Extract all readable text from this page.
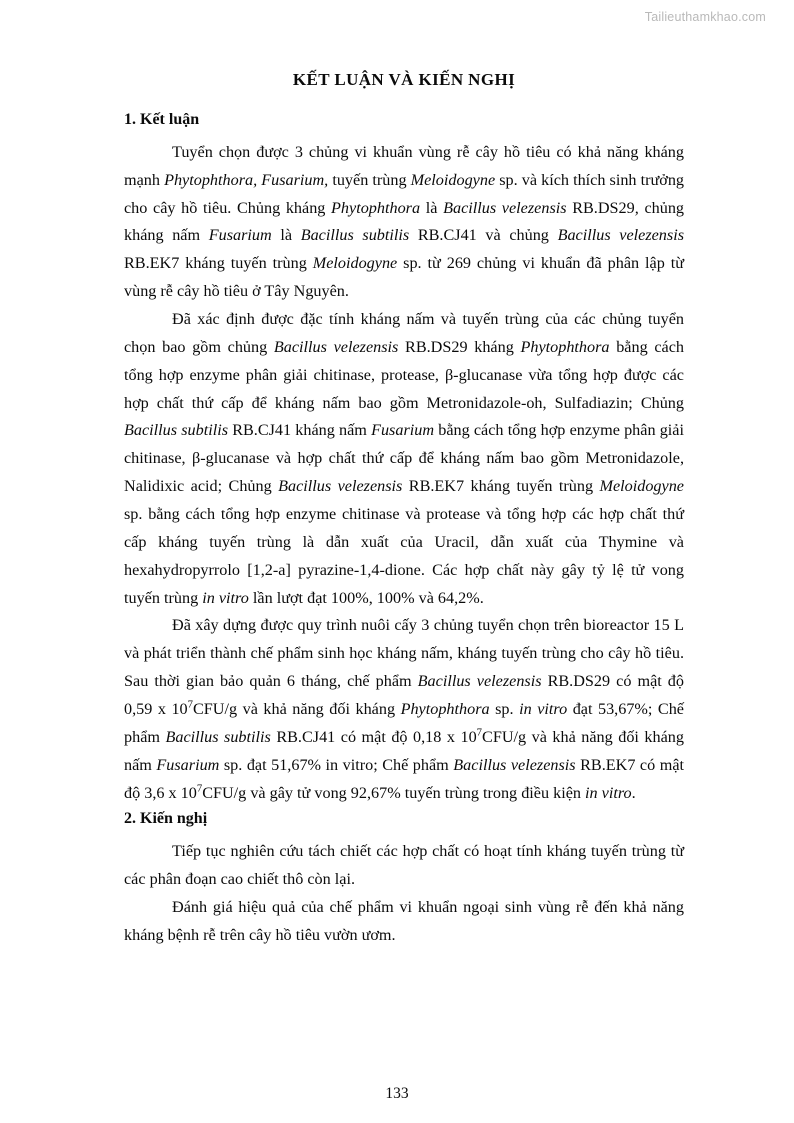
Tailieuthamkhao.com
KẾT LUẬN VÀ KIẾN NGHỊ
1. Kết luận

Tuyển chọn được 3 chủng vi khuẩn vùng rễ cây hồ tiêu có khả năng kháng mạnh Phytophthora, Fusarium, tuyến trùng Meloidogyne sp. và kích thích sinh trưởng cho cây hồ tiêu. Chủng kháng Phytophthora là Bacillus velezensis RB.DS29, chủng kháng nấm Fusarium là Bacillus subtilis RB.CJ41 và chủng Bacillus velezensis RB.EK7 kháng tuyến trùng Meloidogyne sp. từ 269 chủng vi khuẩn đã phân lập từ vùng rễ cây hồ tiêu ở Tây Nguyên.

Đã xác định được đặc tính kháng nấm và tuyến trùng của các chủng tuyển chọn bao gồm chủng Bacillus velezensis RB.DS29 kháng Phytophthora bằng cách tổng hợp enzyme phân giải chitinase, protease, β-glucanase vừa tổng hợp được các hợp chất thứ cấp để kháng nấm bao gồm Metronidazole-oh, Sulfadiazin; Chủng Bacillus subtilis RB.CJ41 kháng nấm Fusarium bằng cách tổng hợp enzyme phân giải chitinase, β-glucanase và hợp chất thứ cấp để kháng nấm bao gồm Metronidazole, Nalidixic acid; Chủng Bacillus velezensis RB.EK7 kháng tuyến trùng Meloidogyne sp. bằng cách tổng hợp enzyme chitinase và protease và tổng hợp các hợp chất thứ cấp kháng tuyến trùng là dẫn xuất của Uracil, dẫn xuất của Thymine và hexahydropyrrolo [1,2-a] pyrazine-1,4-dione. Các hợp chất này gây tỷ lệ tử vong tuyến trùng in vitro lần lượt đạt 100%, 100% và 64,2%.

Đã xây dựng được quy trình nuôi cấy 3 chủng tuyển chọn trên bioreactor 15 L và phát triển thành chế phẩm sinh học kháng nấm, kháng tuyến trùng cho cây hồ tiêu. Sau thời gian bảo quản 6 tháng, chế phẩm Bacillus velezensis RB.DS29 có mật độ 0,59 x $10^7CFU/g$ và khả năng đối kháng Phytophthora sp. in vitro đạt 53,67%; Chế phẩm Bacillus subtilis RB.CJ41 có mật độ 0,18 x $10^7CFU/g$ và khả năng đối kháng nấm Fusarium sp. đạt 51,67% in vitro; Chế phẩm Bacillus velezensis RB.EK7 có mật độ 3,6 x $10^7CFU/g$ và gây tử vong 92,67% tuyến trùng trong điều kiện in vitro.

2. Kiến nghị

Tiếp tục nghiên cứu tách chiết các hợp chất có hoạt tính kháng tuyến trùng từ các phân đoạn cao chiết thô còn lại.

Đánh giá hiệu quả của chế phẩm vi khuẩn ngoại sinh vùng rễ đến khả năng kháng bệnh rễ trên cây hồ tiêu vườn ươm.

133
